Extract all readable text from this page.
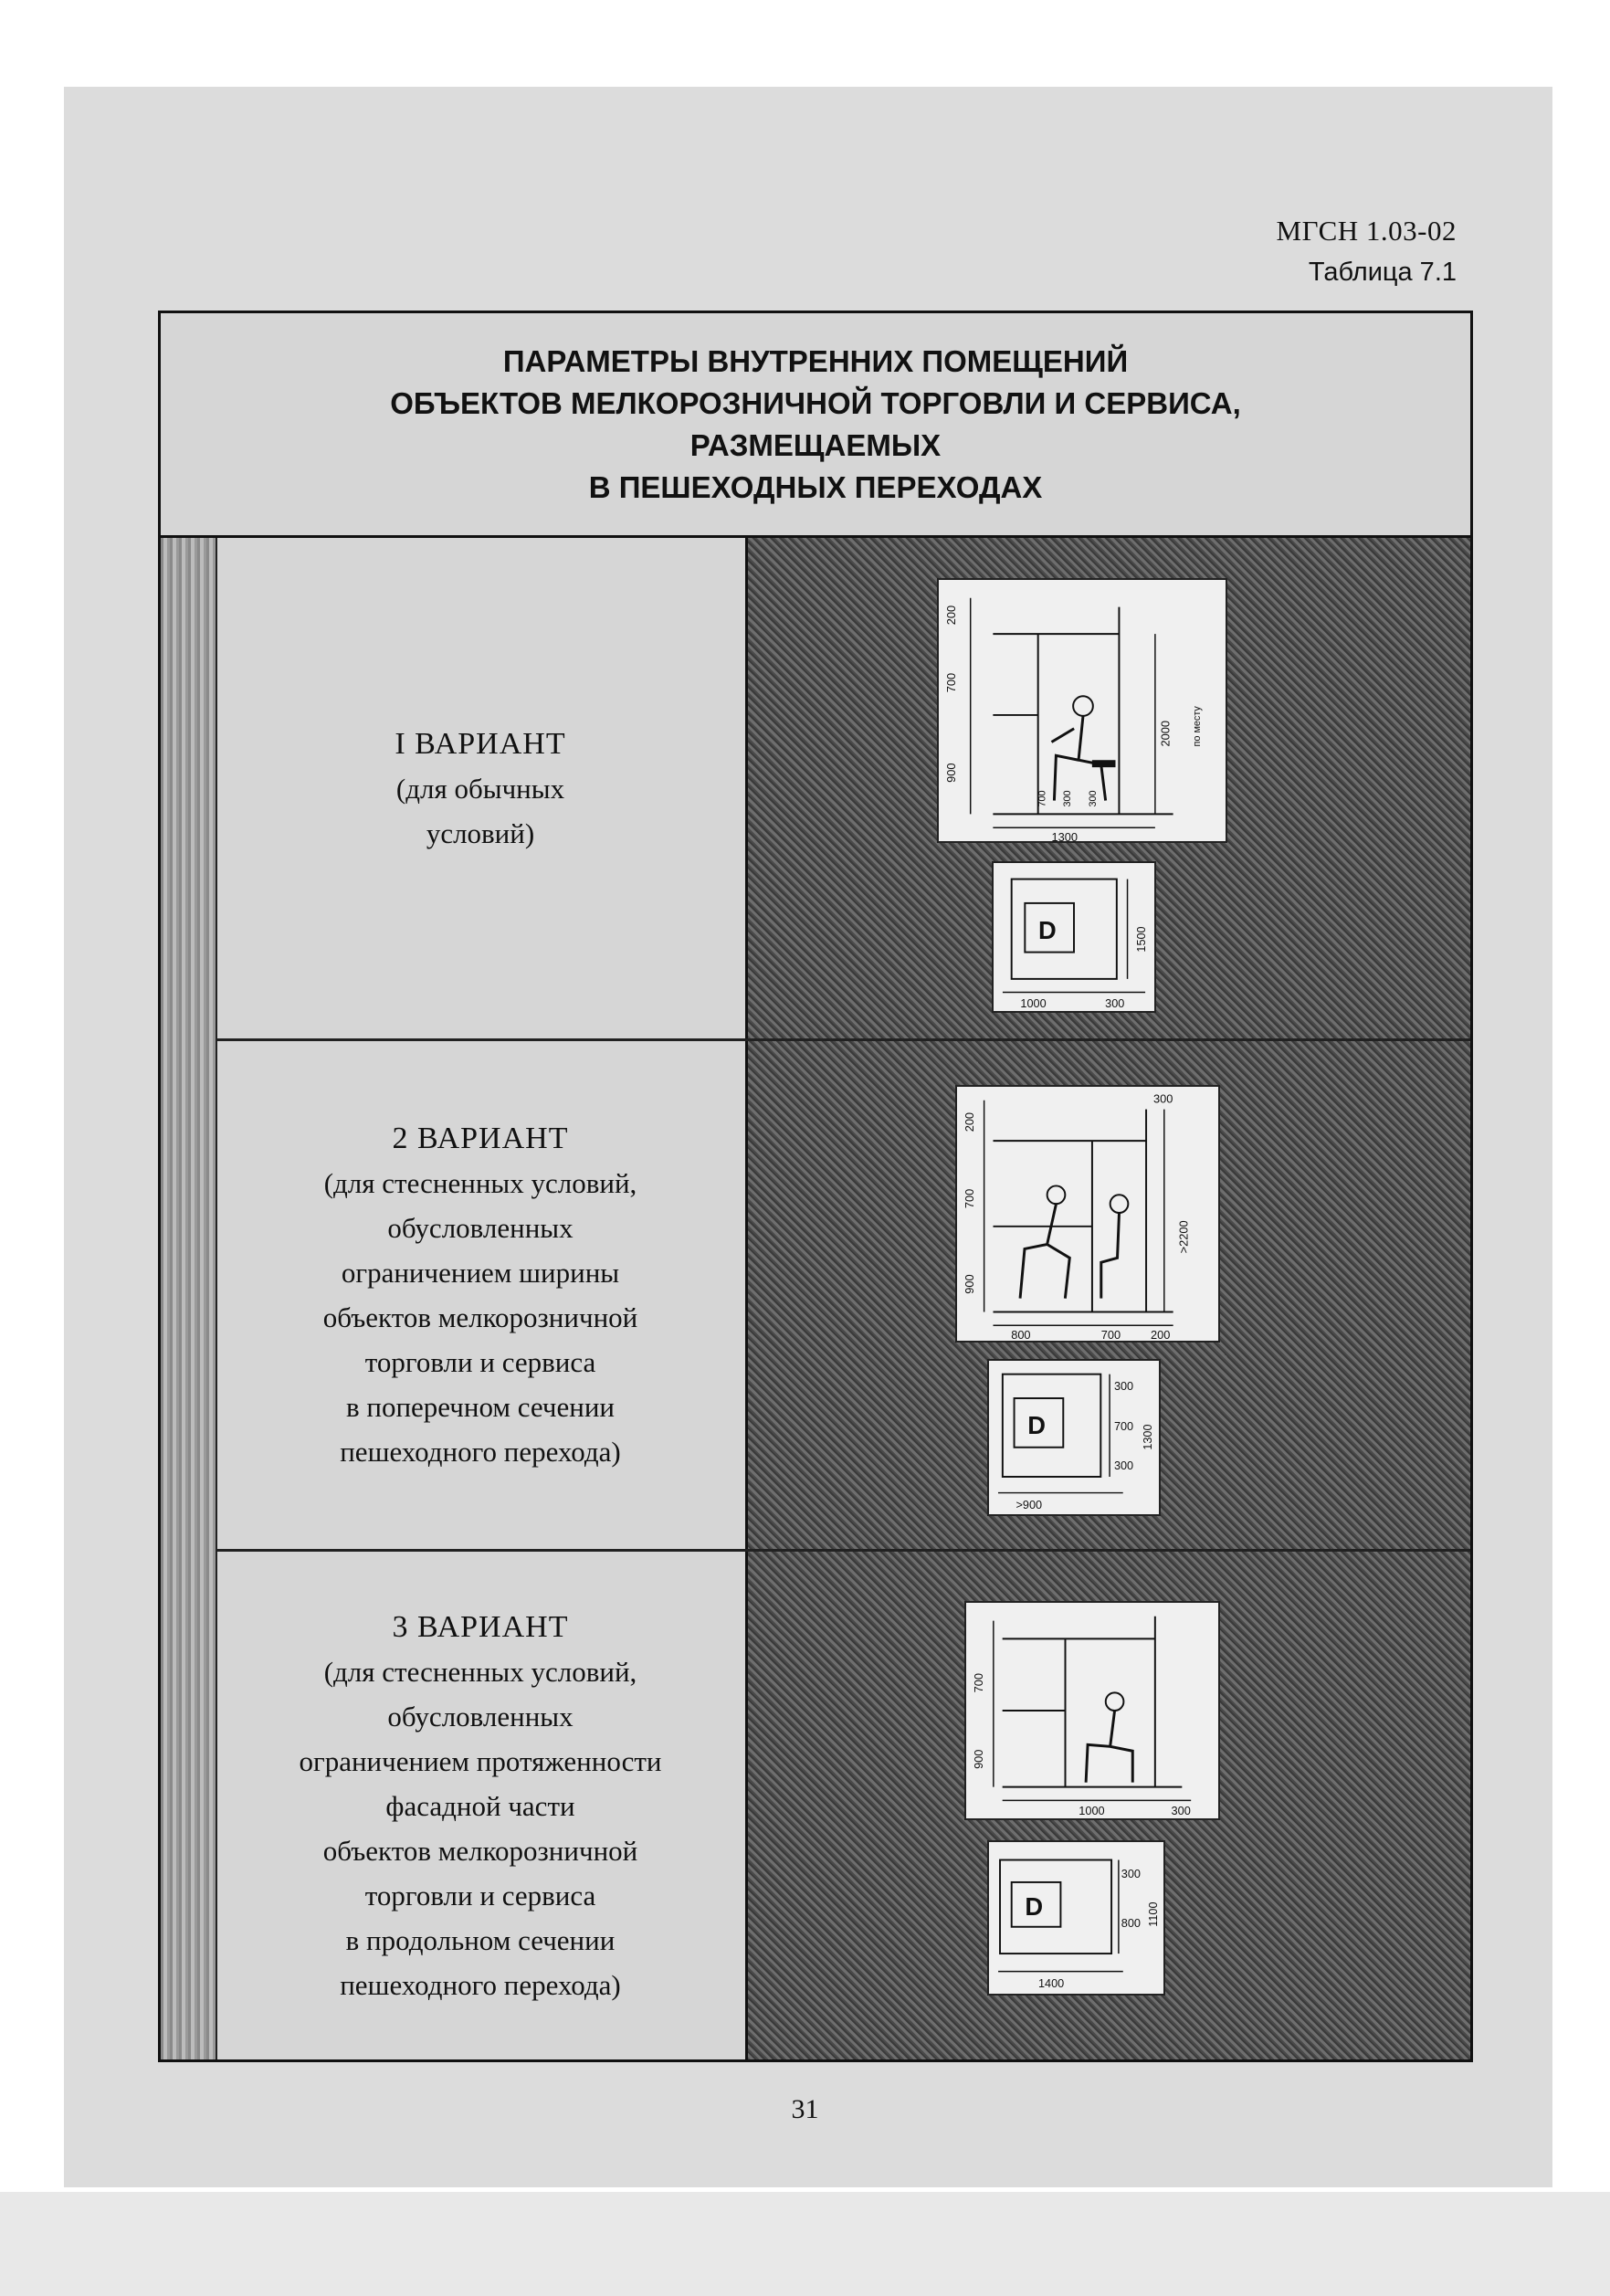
МГСН 1.03-02
Таблица 7.1
ПАРАМЕТРЫ ВНУТРЕННИХ ПОМЕЩЕНИЙ
ОБЪЕКТОВ МЕЛКОРОЗНИЧНОЙ ТОРГОВЛИ И СЕРВИСА,
РАЗМЕЩАЕМЫХ
В ПЕШЕХОДНЫХ ПЕРЕХОДАХ
I ВАРИАНТ
(для обычных
условий)
2 ВАРИАНТ
(для стесненных условий,
обусловленных
ограничением ширины
объектов мелкорозничной
торговли и сервиса
в поперечном сечении
пешеходного перехода)
3 ВАРИАНТ
(для стесненных условий,
обусловленных
ограничением протяженности
фасадной части
объектов мелкорозничной
торговли и сервиса
в продольном сечении
пешеходного перехода)
200
700
900
2000 по месту
700 300 300
1300
D	1500
1000	300
200
300
700
900
>2200
800	700	200
D
300
700
300
1300
>900
700
900
1000	300
D
300
800 1100
1400
31
